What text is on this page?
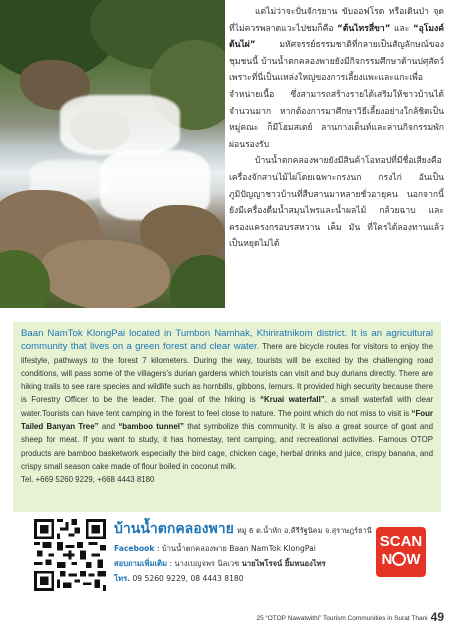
แต่ไม่ว่าจะปั่นจักรยาน ขับออฟโรด หรือเดินป่า จุดที่ไม่ควรพลาดแวะไปชมก็คือ “ต้นไทรสี่ขา” และ “อุโมงค์ต้นไผ่” มหัศจรรย์ธรรมชาติที่กลายเป็นสัญลักษณ์ของชุมชนนี้ บ้านน้ำตกคลองพายยังมีกิจกรรมศึกษาด้านปศุสัตว์ เพราะที่นี่เป็นแหล่งใหญ่ของการเลี้ยงแพะและแกะเพื่อจำหน่ายเนื้อ ซึ่งสามารถสร้างรายได้เสริมให้ชาวบ้านได้จำนวนมาก หากต้องการมาศึกษาวิธีเลี้ยงอย่างใกล้ชิดเป็นหมู่คณะ ก็มีโฮมสเตย์ ลานกางเต็นท์และลานกิจกรรมพักผ่อนรองรับ

บ้านน้ำตกคลองพายยังมีสินค้าโอทอปที่มีชื่อเสียงคือ เครื่องจักสานไม้ไผ่โดยเฉพาะกรงนก กรงไก่ อันเป็นภูมิปัญญาชาวบ้านที่สืบสานมาหลายชั่วอายุคน นอกจากนี้ยังมีเครื่องดื่มน้ำสมุนไพรและน้ำผลไม้ กล้วยฉาบ และครองแครงกรอบรสหวาน เค็ม มัน ที่ใครได้ลองทานแล้วเป็นหยุดไม่ได้

Baan NamTok KlongPai located in Tumbon Namhak, Khiriratnikom district. It is an agricultural community that lives on a green forest and clear water. There are bicycle routes for visitors to enjoy the lifestyle, pathways to the forest 7 kilometers. During the way, tourists will be excited by the challenging road conditions, will pass some of the villagers’s durian gardens which tourists can visit and buy durians directly. There are hiking trails to see rare species and wildlife such as hornbills, gibbons, lemurs. It provided high security because there is Forestry Officer to be the leader. The goal of the hiking is “Kruai waterfall”, a small waterfall with clear water.Tourists can have tent camping in the forest to feel close to nature. The point which do not miss to visit is “Four Tailed Banyan Tree” and “bamboo tunnel” that symbolize this community. It is also a great source of goat and sheep for meat. If you want to study, it has homestay, tent camping, and recreational activities. Famous OTOP products are bamboo basketwork especially the bird cage, chicken cage, herbal drinks and juice, crispy banana, and crispy small season cake made of flour boiled in coconut milk.
Tel. +669 5260 9229, +668 4443 8180
บ้านน้ำตกคลองพาย หมู่ 6 ต.น้ำหัก อ.คีรีรัฐนิคม จ.สุราษฎร์ธานี
Facebook : บ้านน้ำตกคลองพาย Baan NamTok KlongPai
สอบถามเพิ่มเติม : นางเบญจพร นิลเวช นายไพโรจน์ ยิ้มหนองไทร
โทร. 09 5260 9229, 08 4443 8180
SCAN
N W
25 “OTOP Nawatwithi” Tourism Communities in Surat Thani 49
